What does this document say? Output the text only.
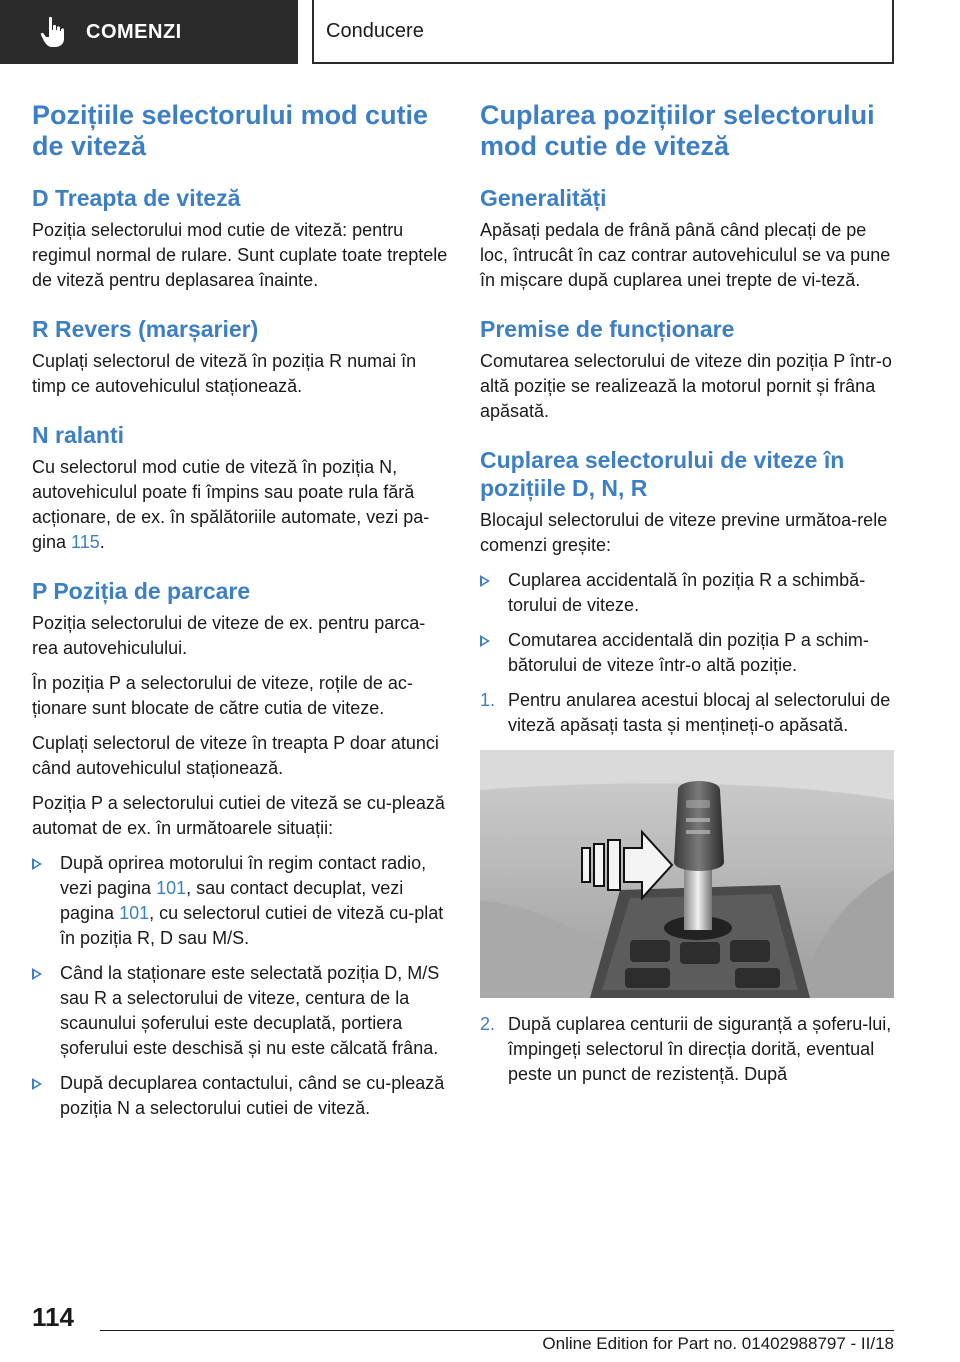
COMENZI	Conducere
Pozițiile selectorului mod cutie de viteză
D Treapta de viteză

Poziția selectorului mod cutie de viteză: pentru regimul normal de rulare. Sunt cuplate toate treptele de viteză pentru deplasarea înainte.

R Revers (marșarier)

Cuplați selectorul de viteză în poziția R numai în timp ce autovehiculul staționează.

N ralanti

Cu selectorul mod cutie de viteză în poziția N, autovehiculul poate fi împins sau poate rula fără acționare, de ex. în spălătoriile automate, vezi pa-gina 115.

P Poziția de parcare

Poziția selectorului de viteze de ex. pentru parca-rea autovehiculului.

În poziția P a selectorului de viteze, roțile de ac-ționare sunt blocate de către cutia de viteze.

Cuplați selectorul de viteze în treapta P doar atunci când autovehiculul staționează.

Poziția P a selectorului cutiei de viteză se cu-plează automat de ex. în următoarele situații:

După oprirea motorului în regim contact radio, vezi pagina 101, sau contact decuplat, vezi pagina 101, cu selectorul cutiei de viteză cu-plat în poziția R, D sau M/S.
Când la staționare este selectată poziția D, M/S sau R a selectorului de viteze, centura de la scaunului șoferului este decuplată, portiera șoferului este deschisă și nu este călcată frâna.
După decuplarea contactului, când se cu-plează poziția N a selectorului cutiei de viteză.
Cuplarea pozițiilor selectorului mod cutie de viteză
Generalități

Apăsați pedala de frână până când plecați de pe loc, întrucât în caz contrar autovehiculul se va pune în mișcare după cuplarea unei trepte de vi-teză.

Premise de funcționare

Comutarea selectorului de viteze din poziția P într-o altă poziție se realizează la motorul pornit și frâna apăsată.

Cuplarea selectorului de viteze în pozițiile D, N, R

Blocajul selectorului de viteze previne următoa-rele comenzi greșite:

Cuplarea accidentală în poziția R a schimbă-torului de viteze.
Comutarea accidentală din poziția P a schim-bătorului de viteze într-o altă poziție.
1. Pentru anularea acestui blocaj al selectorului de viteză apăsați tasta și mențineți-o apăsată.
2. După cuplarea centurii de siguranță a șoferu-lui, împingeți selectorul în direcția dorită, eventual peste un punct de rezistență. După
114
Online Edition for Part no. 01402988797 - II/18
